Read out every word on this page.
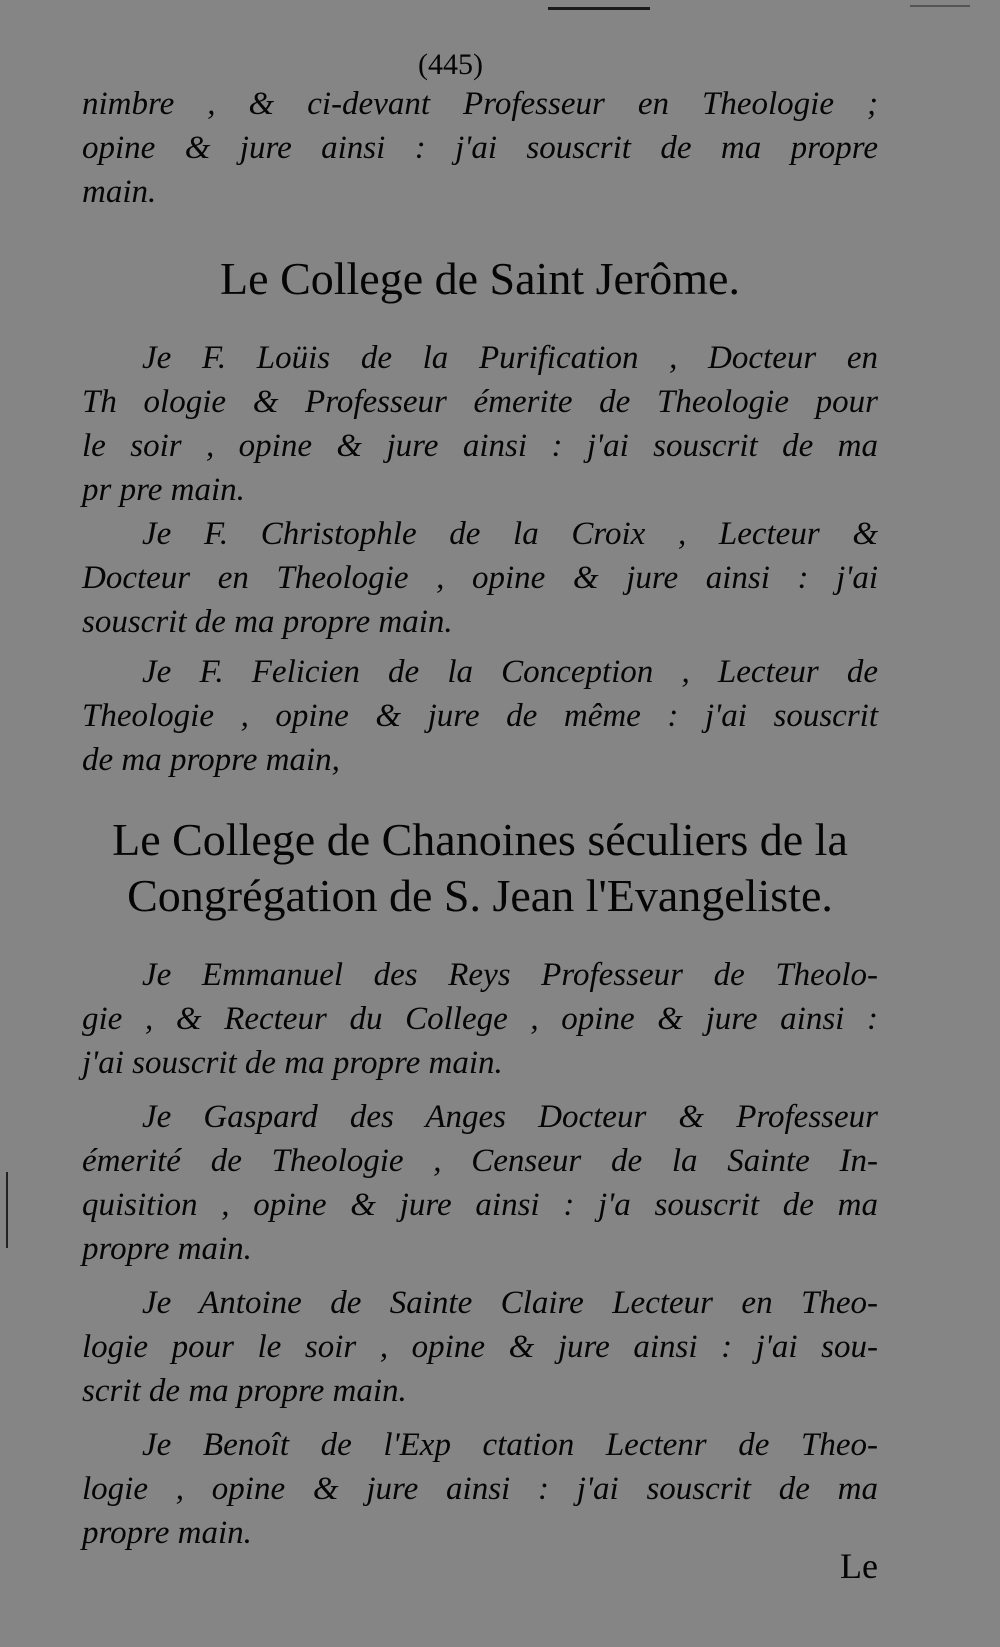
(445)
nimbre , & ci-devant Professeur en Theologie ;
opine & jure ainsi : j'ai souscrit de ma propre
main.
Le College de Saint Jerôme.
Je F. Loüis de la Purification , Docteur en
Th ologie & Professeur émerite de Theologie pour
le soir , opine & jure ainsi : j'ai souscrit de ma
pr pre main.
Je F. Christophle de la Croix , Lecteur &
Docteur en Theologie , opine & jure ainsi : j'ai
souscrit de ma propre main.
Je F. Felicien de la Conception , Lecteur de
Theologie , opine & jure de même : j'ai souscrit
de ma propre main,
Le College de Chanoines séculiers de la
Congrégation de S. Jean l'Evangeliste.
Je Emmanuel des Reys Professeur de Theolo-
gie , & Recteur du College , opine & jure ainsi :
j'ai souscrit de ma propre main.
Je Gaspard des Anges Docteur & Professeur
émerité de Theologie , Censeur de la Sainte In-
quisition , opine & jure ainsi : j'a souscrit de ma
propre main.
Je Antoine de Sainte Claire Lecteur en Theo-
logie pour le soir , opine & jure ainsi : j'ai sou-
scrit de ma propre main.
Je Benoît de l'Exp ctation Lectenr de Theo-
logie , opine & jure ainsi : j'ai souscrit de ma
propre main.
Le
